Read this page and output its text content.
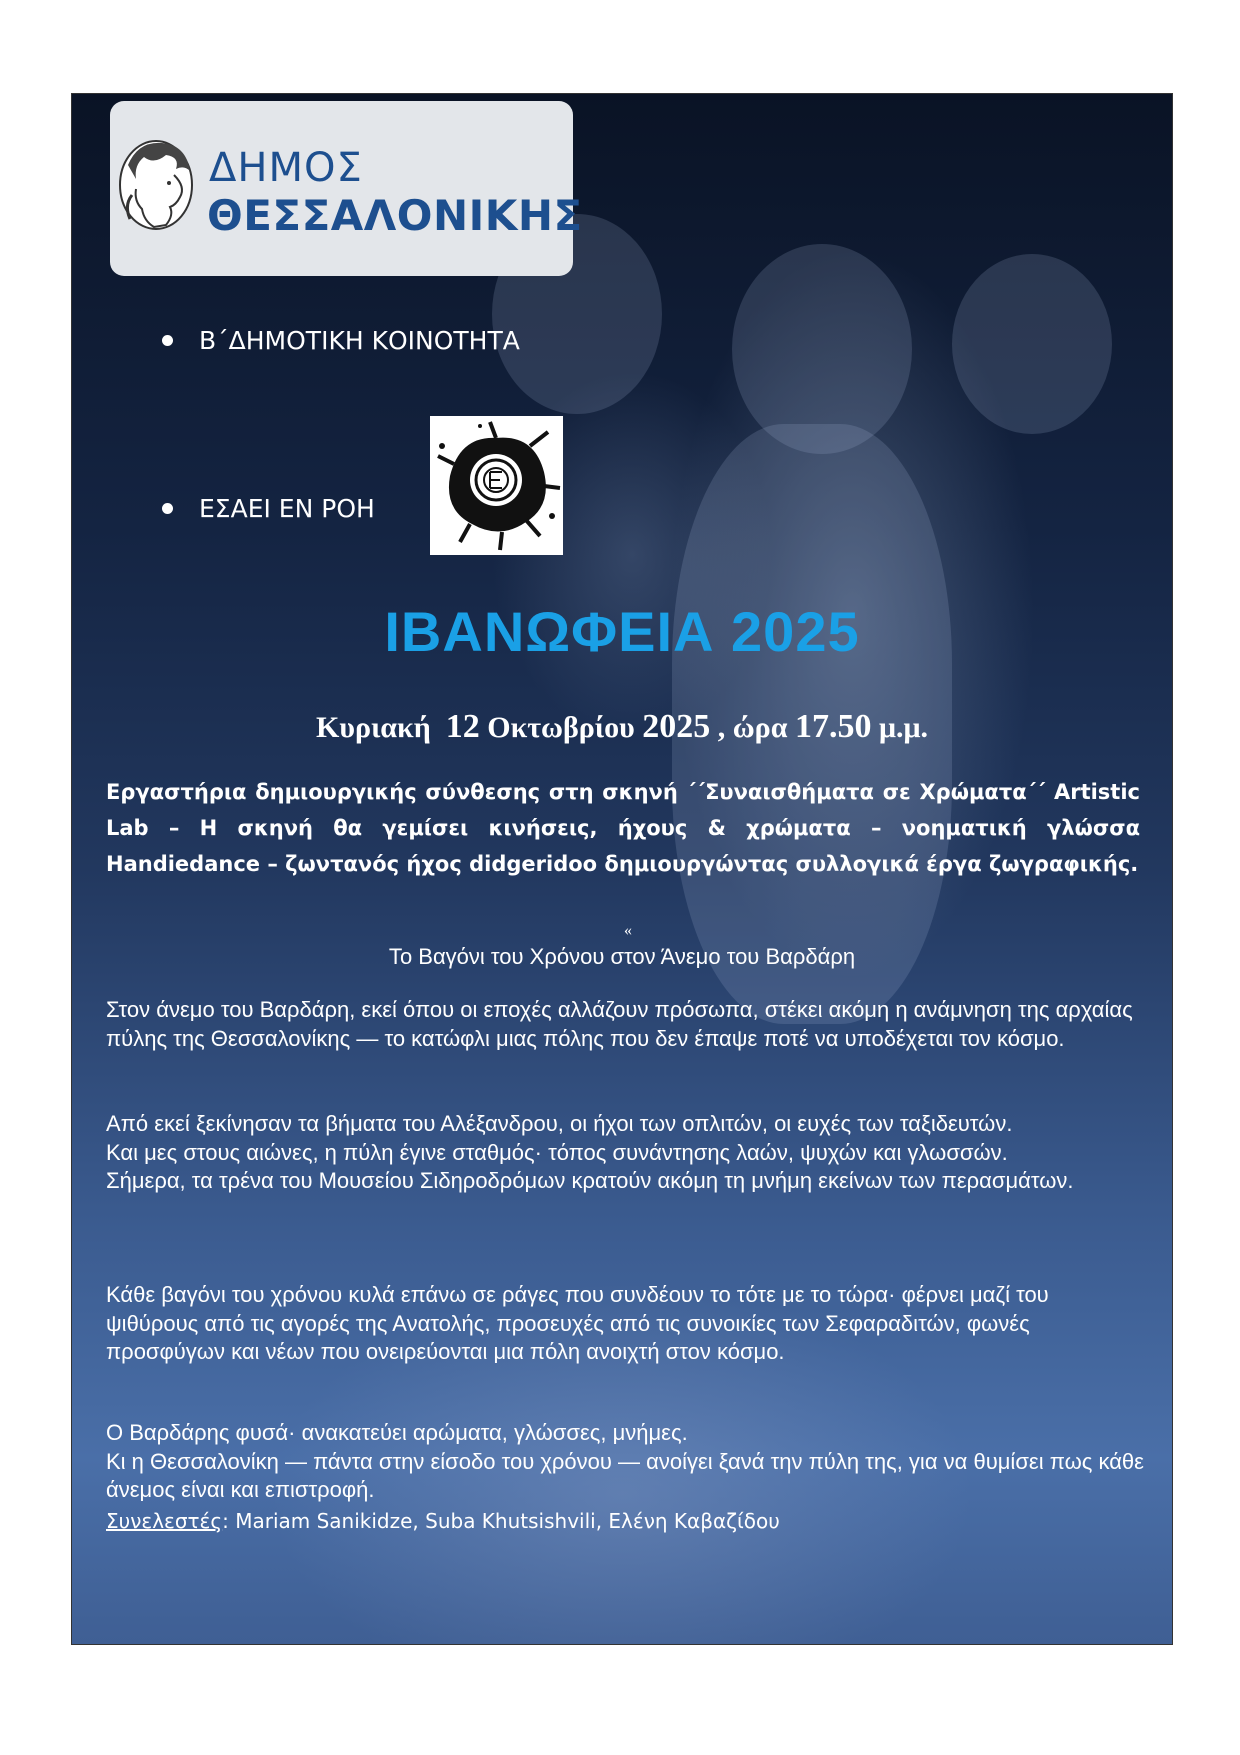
ΔΗΜΟΣ
ΘΕΣΣΑΛΟΝΙΚΗΣ
Β΄ΔΗΜΟΤΙΚΗ ΚΟΙΝΟΤΗΤΑ
ΕΣΑΕΙ ΕΝ ΡΟΗ
ΙΒΑΝΩΦΕΙΑ 2025
Κυριακή 12 Οκτωβρίου 2025 , ώρα 17.50 μ.μ.
Εργαστήρια δημιουργικής σύνθεσης στη σκηνή ΄΄Συναισθήματα σε Χρώματα΄΄ Artistic Lab – Η σκηνή θα γεμίσει κινήσεις, ήχους & χρώματα – νοηματική γλώσσα Handiedance – ζωντανός ήχος didgeridoo δημιουργώντας συλλογικά έργα ζωγραφικής.
«
Το Βαγόνι του Χρόνου στον Άνεμο του Βαρδάρη

Στον άνεμο του Βαρδάρη, εκεί όπου οι εποχές αλλάζουν πρόσωπα, στέκει ακόμη η ανάμνηση της αρχαίας πύλης της Θεσσαλονίκης — το κατώφλι μιας πόλης που δεν έπαψε ποτέ να υποδέχεται τον κόσμο.

Από εκεί ξεκίνησαν τα βήματα του Αλέξανδρου, οι ήχοι των οπλιτών, οι ευχές των ταξιδευτών.

Και μες στους αιώνες, η πύλη έγινε σταθμός· τόπος συνάντησης λαών, ψυχών και γλωσσών.

Σήμερα, τα τρένα του Μουσείου Σιδηροδρόμων κρατούν ακόμη τη μνήμη εκείνων των περασμάτων.

Κάθε βαγόνι του χρόνου κυλά επάνω σε ράγες που συνδέουν το τότε με το τώρα· φέρνει μαζί του ψιθύρους από τις αγορές της Ανατολής, προσευχές από τις συνοικίες των Σεφαραδιτών, φωνές προσφύγων και νέων που ονειρεύονται μια πόλη ανοιχτή στον κόσμο.

Ο Βαρδάρης φυσά· ανακατεύει αρώματα, γλώσσες, μνήμες.

Κι η Θεσσαλονίκη — πάντα στην είσοδο του χρόνου — ανοίγει ξανά την πύλη της, για να θυμίσει πως κάθε άνεμος είναι και επιστροφή.

Συνελεστές: Mariam Sanikidze, Suba Khutsishvili, Ελένη Καβαζίδου
